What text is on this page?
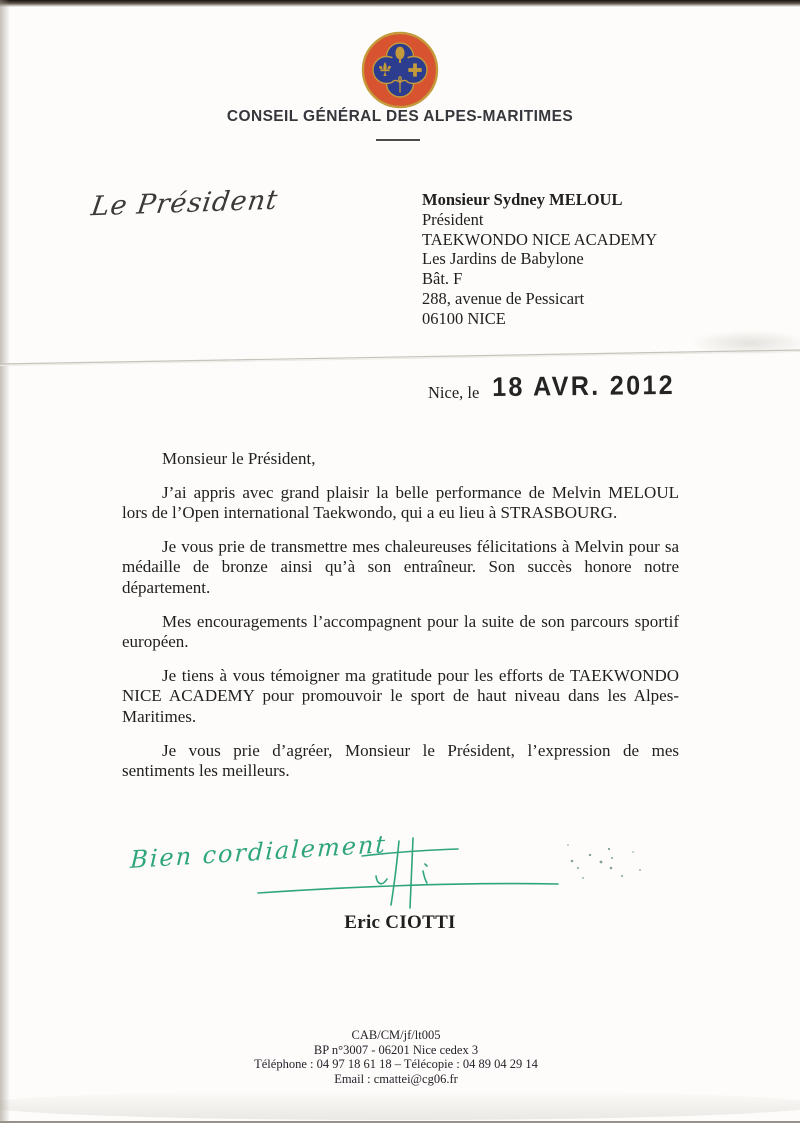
CONSEIL GÉNÉRAL DES ALPES-MARITIMES
Le Président	Monsieur Sydney MELOUL
Président
TAEKWONDO NICE ACADEMY
Les Jardins de Babylone
Bât. F
288, avenue de Pessicart
06100 NICE
Nice, le 18 AVR. 2012

Monsieur le Président,

J’ai appris avec grand plaisir la belle performance de Melvin MELOUL lors de l’Open international Taekwondo, qui a eu lieu à STRASBOURG.

Je vous prie de transmettre mes chaleureuses félicitations à Melvin pour sa médaille de bronze ainsi qu’à son entraîneur. Son succès honore notre département.

Mes encouragements l’accompagnent pour la suite de son parcours sportif européen.

Je tiens à vous témoigner ma gratitude pour les efforts de TAEKWONDO NICE ACADEMY pour promouvoir le sport de haut niveau dans les Alpes-Maritimes.

Je vous prie d’agréer, Monsieur le Président, l’expression de mes sentiments les meilleurs.

Bien cordialement
Eric CIOTTI
CAB/CM/jf/lt005
BP n°3007 - 06201 Nice cedex 3
Téléphone : 04 97 18 61 18 – Télécopie : 04 89 04 29 14
Email : cmattei@cg06.fr
